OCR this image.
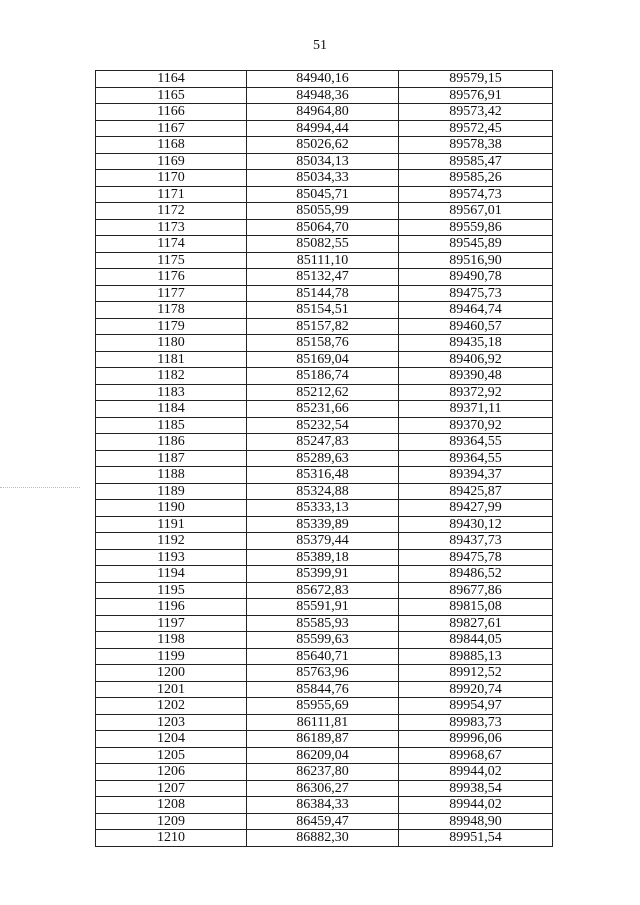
51
1164	84940,16	89579,15
1165	84948,36	89576,91
1166	84964,80	89573,42
1167	84994,44	89572,45
1168	85026,62	89578,38
1169	85034,13	89585,47
1170	85034,33	89585,26
1171	85045,71	89574,73
1172	85055,99	89567,01
1173	85064,70	89559,86
1174	85082,55	89545,89
1175	85111,10	89516,90
1176	85132,47	89490,78
1177	85144,78	89475,73
1178	85154,51	89464,74
1179	85157,82	89460,57
1180	85158,76	89435,18
1181	85169,04	89406,92
1182	85186,74	89390,48
1183	85212,62	89372,92
1184	85231,66	89371,11
1185	85232,54	89370,92
1186	85247,83	89364,55
1187	85289,63	89364,55
1188	85316,48	89394,37
1189	85324,88	89425,87
1190	85333,13	89427,99
1191	85339,89	89430,12
1192	85379,44	89437,73
1193	85389,18	89475,78
1194	85399,91	89486,52
1195	85672,83	89677,86
1196	85591,91	89815,08
1197	85585,93	89827,61
1198	85599,63	89844,05
1199	85640,71	89885,13
1200	85763,96	89912,52
1201	85844,76	89920,74
1202	85955,69	89954,97
1203	86111,81	89983,73
1204	86189,87	89996,06
1205	86209,04	89968,67
1206	86237,80	89944,02
1207	86306,27	89938,54
1208	86384,33	89944,02
1209	86459,47	89948,90
1210	86882,30	89951,54
